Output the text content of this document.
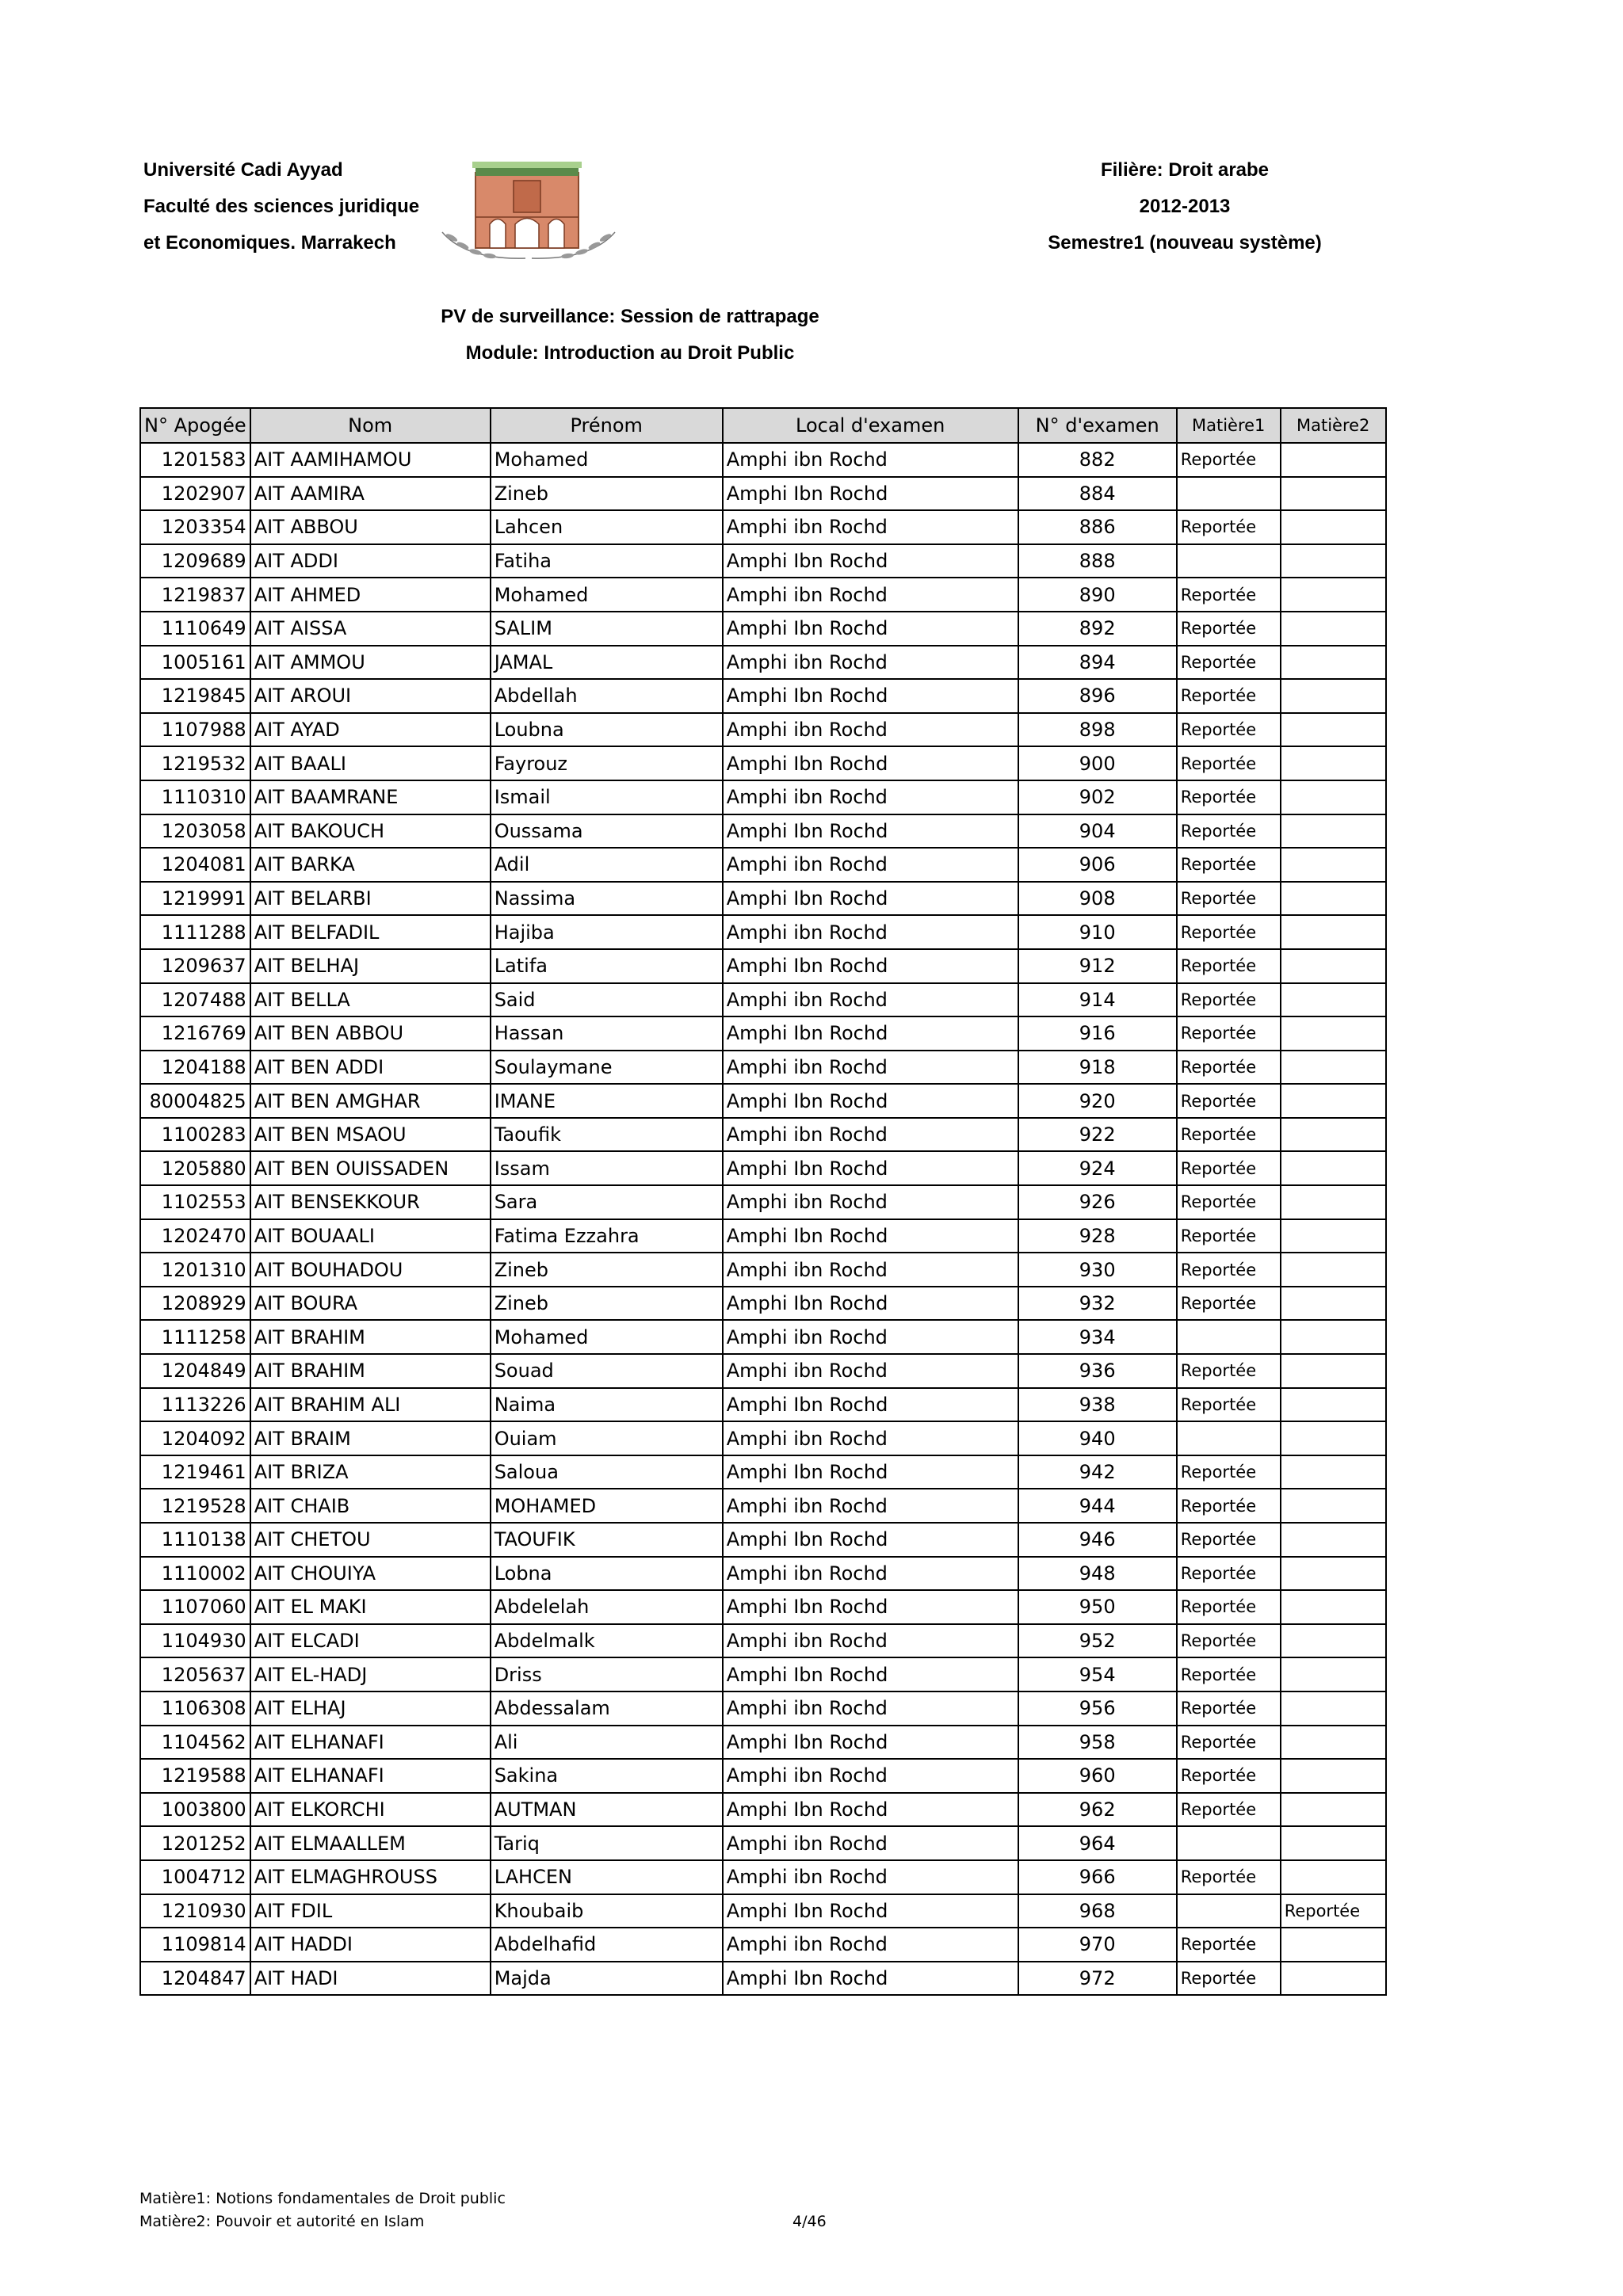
Université Cadi Ayyad
Faculté des sciences juridique
et Economiques. Marrakech
Filière: Droit arabe
2012-2013
Semestre1 (nouveau système)
PV de surveillance: Session de rattrapage
Module: Introduction au Droit Public
N° Apogée	Nom	Prénom	Local d'examen	N° d'examen	Matière1	Matière2
1201583	AIT AAMIHAMOU	Mohamed	Amphi ibn Rochd	882	Reportée	
1202907	AIT AAMIRA	Zineb	Amphi Ibn Rochd	884		
1203354	AIT ABBOU	Lahcen	Amphi ibn Rochd	886	Reportée	
1209689	AIT ADDI	Fatiha	Amphi Ibn Rochd	888		
1219837	AIT AHMED	Mohamed	Amphi ibn Rochd	890	Reportée	
1110649	AIT AISSA	SALIM	Amphi Ibn Rochd	892	Reportée	
1005161	AIT AMMOU	JAMAL	Amphi ibn Rochd	894	Reportée	
1219845	AIT AROUI	Abdellah	Amphi Ibn Rochd	896	Reportée	
1107988	AIT AYAD	Loubna	Amphi ibn Rochd	898	Reportée	
1219532	AIT BAALI	Fayrouz	Amphi Ibn Rochd	900	Reportée	
1110310	AIT BAAMRANE	Ismail	Amphi ibn Rochd	902	Reportée	
1203058	AIT BAKOUCH	Oussama	Amphi Ibn Rochd	904	Reportée	
1204081	AIT BARKA	Adil	Amphi ibn Rochd	906	Reportée	
1219991	AIT BELARBI	Nassima	Amphi Ibn Rochd	908	Reportée	
1111288	AIT BELFADIL	Hajiba	Amphi ibn Rochd	910	Reportée	
1209637	AIT BELHAJ	Latifa	Amphi Ibn Rochd	912	Reportée	
1207488	AIT BELLA	Said	Amphi ibn Rochd	914	Reportée	
1216769	AIT BEN ABBOU	Hassan	Amphi Ibn Rochd	916	Reportée	
1204188	AIT BEN ADDI	Soulaymane	Amphi ibn Rochd	918	Reportée	
80004825	AIT BEN AMGHAR	IMANE	Amphi Ibn Rochd	920	Reportée	
1100283	AIT BEN MSAOU	Taoufik	Amphi ibn Rochd	922	Reportée	
1205880	AIT BEN OUISSADEN	Issam	Amphi Ibn Rochd	924	Reportée	
1102553	AIT BENSEKKOUR	Sara	Amphi ibn Rochd	926	Reportée	
1202470	AIT BOUAALI	Fatima Ezzahra	Amphi Ibn Rochd	928	Reportée	
1201310	AIT BOUHADOU	Zineb	Amphi ibn Rochd	930	Reportée	
1208929	AIT BOURA	Zineb	Amphi Ibn Rochd	932	Reportée	
1111258	AIT BRAHIM	Mohamed	Amphi ibn Rochd	934		
1204849	AIT BRAHIM	Souad	Amphi ibn Rochd	936	Reportée	
1113226	AIT BRAHIM ALI	Naima	Amphi Ibn Rochd	938	Reportée	
1204092	AIT BRAIM	Ouiam	Amphi ibn Rochd	940		
1219461	AIT BRIZA	Saloua	Amphi Ibn Rochd	942	Reportée	
1219528	AIT CHAIB	MOHAMED	Amphi ibn Rochd	944	Reportée	
1110138	AIT CHETOU	TAOUFIK	Amphi Ibn Rochd	946	Reportée	
1110002	AIT CHOUIYA	Lobna	Amphi ibn Rochd	948	Reportée	
1107060	AIT EL MAKI	Abdelelah	Amphi Ibn Rochd	950	Reportée	
1104930	AIT ELCADI	Abdelmalk	Amphi ibn Rochd	952	Reportée	
1205637	AIT EL-HADJ	Driss	Amphi Ibn Rochd	954	Reportée	
1106308	AIT ELHAJ	Abdessalam	Amphi ibn Rochd	956	Reportée	
1104562	AIT ELHANAFI	Ali	Amphi Ibn Rochd	958	Reportée	
1219588	AIT ELHANAFI	Sakina	Amphi ibn Rochd	960	Reportée	
1003800	AIT ELKORCHI	AUTMAN	Amphi Ibn Rochd	962	Reportée	
1201252	AIT ELMAALLEM	Tariq	Amphi ibn Rochd	964		
1004712	AIT ELMAGHROUSS	LAHCEN	Amphi ibn Rochd	966	Reportée	
1210930	AIT FDIL	Khoubaib	Amphi Ibn Rochd	968		Reportée
1109814	AIT HADDI	Abdelhafid	Amphi ibn Rochd	970	Reportée	
1204847	AIT HADI	Majda	Amphi Ibn Rochd	972	Reportée	
Matière1: Notions fondamentales de Droit public
Matière2: Pouvoir et autorité en Islam	4/46
